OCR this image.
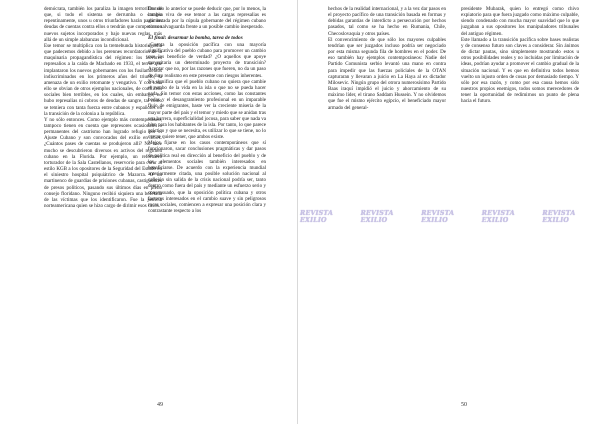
demócrata, también los paraliza la imagen terrorífica de que, si todo el sistema se derrumba o cambia repentinamente, unos u otros triunfadores harán pagar las deudas de cuentas contra ellos o tendrán que competir con nuevos sujetos incorporados y bajo nuevas reglas, más allá de un simple alabanzas incondicional.

Ese temor se multiplica con la tremebunda historiografía que padecemos debido a los perennes recordatorios de la maquinaria propagandística del régimen: los fervores represalios a la caída de Machado en 1933, el terror que implantaron los nuevos gobernantes con los fusilamientos indiscriminados en los primeros años del triunfo, la amenaza de un exilio retornante y vengativo. Y con todo ello se obvian de otros ejemplos nacionales, de conflictos sociales bien terribles, en los cuales, sin embargo, no hubo represalias ni cobros de deudas de sangre, tal como se temiera con tanta fuerza entre cubanos y españoles en la transición de la colonia a la república.

Y no sólo entonces. Como ejemplo más contemporáneo, tampoco tienen en cuenta que represores ocasionales o permanentes del castrismo han logrado refugio por el Ajuste Cubano y son convocados del exilio en USA. ¿Cuántos pases de cuentas se produjeron allí? No hace mucho se descubrieron diversos ex activos del régimen cubano en la Florida. Por ejemplo, un reformero torturador de la Sala Castellanos, reservorio para curar al estilo KGB a los opositores de la Seguridad del Estado en el siniestro hospital psiquiátrico de Mazorra. O un martinenco de guardias de prisiones cubanas, castigadores de presos políticos, pasando sus últimos días en pleno consejo floridano. Ninguno recibió siquiera una bofetada de las víctimas que los identificaron. Fue la justicia norteamericana quien se hizo cargo de dirimir esos casos.

De todo lo anterior se puede deducir que, por lo menos, la imagen viva de ese temor a las cargas represalias es alimentada por la cúpula gobernante del régimen cubano como salvaguarda frente a un posible cambio inesperado.

El final: desarmar la bomba, tarea de todos

¿Cuenta la oposición pacífica con una mayoría significativa del pueblo cubano para promover un cambio que los beneficie de verdad? ¿O aquellos que apoye mayoritaria un determinado proyecto de transición? Aceptar que no, por las razones que fueren, no da un paso de duro realismo en este presente con riesgos inherentes.

No significa que el pueblo cubano no quiera que cambie el rumbo de la vida en la isla o que no se pueda hacer nada. Sin temor con estas acciones, como las constantes bodas y el desangramiento profesional en un imparable flujo de emigrantes, baste ver la creciente miseria de la mayor parte del país y el temor y miedo que se anidan tras una barrera, superficialidad jocosa, para saber que nada va bien para los habitantes de la isla. Por tanto, lo que parece práctico y que se necesita, es utilizar lo que se tiene, no lo que se quiere tener, que ambos existe.

Mejor fijarse en los casos contemporáneos que sí funcionaron, sacar conclusiones pragmáticas y dar pasos de política real en dirección al beneficio del pueblo y de los elementos sociales también interesados en beneficiarse. De acuerdo con la experiencia mundial anteriormente citada, una posible solución nacional al callejón sin salida de la crisis nacional podría ser, tanto dentro como fuera del país y mediante un esfuerzo serio y consensuado, que la oposición política cubana y otros factores interesados en el cambio suave y sin peligrosos roces sociales, comiencen a expresar una posición clara y contrastante respecto a los

49

hechos de la realidad internacional, y a la vez dar pasos en el proyecto pacífico de una transición basada en formas y debidas garantías de interdicto a persecución por hechos pasados, tal como se ha hecho en Rumania, Chile, Checoslovaquia y otros países.

El convencimiento de que sólo los mayores culpables tendrían que ser juzgados incluso podría ser negociado por esta misma segunda fila de hombres en el poder. De eso también hay ejemplos contemporáneos: Nadie del Partido Comunista serbio levantó una mano en contra para impedir que las fuerzas policiales de la OTAN capturaran y llevaran a juicio en La Haya al ex dictador Milosevic. Ningún grupo del otrora numerosísimo Partido Baas iraquí impidió el juicio y ahorcamiento de su máximo líder, el tirano Saddam Hussein. Y no olvidemos que fue el mismo ejército egipcio, el beneficiado mayor armado del general-

presidente Mubarak, quien lo entregó como chivo expiatorio para que fuera juzgado como máximo culpable, siendo condenado con mucha mayor suavidad que lo que juzgaban a sus opositores los manipuladores tribunales del antiguo régimen.

Este llamado a la transición pacífica sobre bases realistas y de consenso futuro son claves a considerar. Sin ánimos de dictar pautas, sino simplemente mostrando estos u otros posibilidades reales y no incluidas por limitación de ideas, podrían ayudar a promover el cambio gradual de la situación nacional. Y es que en definitiva todos hemos vuelto un injusto orden de cosas por demasiado tiempo. Y sólo por esa razón, y como por esa causa hemos sido nuestros propios enemigos, todos somos merecedores de tener la oportunidad de redimirnos un punto de plena hacia el futuro.

REVISTA EXILIO
REVISTA EXILIO
REVISTA EXILIO
REVISTA EXILIO
REVISTA EXILIO
50
